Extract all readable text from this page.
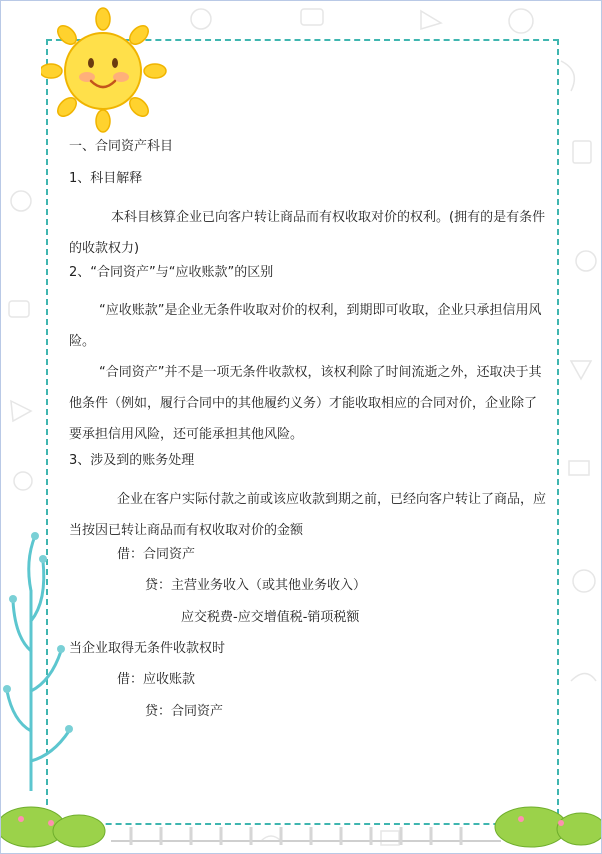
一、合同资产科目
1、科目解释
本科目核算企业已向客户转让商品而有权收取对价的权利。(拥有的是有条件的收款权力)
2、“合同资产”与“应收账款”的区别
“应收账款”是企业无条件收取对价的权利，到期即可收取，企业只承担信用风险。
“合同资产”并不是一项无条件收款权，该权利除了时间流逝之外，还取决于其他条件（例如，履行合同中的其他履约义务）才能收取相应的合同对价，企业除了要承担信用风险，还可能承担其他风险。
3、涉及到的账务处理
企业在客户实际付款之前或该应收款到期之前，已经向客户转让了商品，应当按因已转让商品而有权收取对价的金额
借：合同资产
贷：主营业务收入（或其他业务收入）
应交税费-应交增值税-销项税额
当企业取得无条件收款权时
借：应收账款
贷：合同资产
